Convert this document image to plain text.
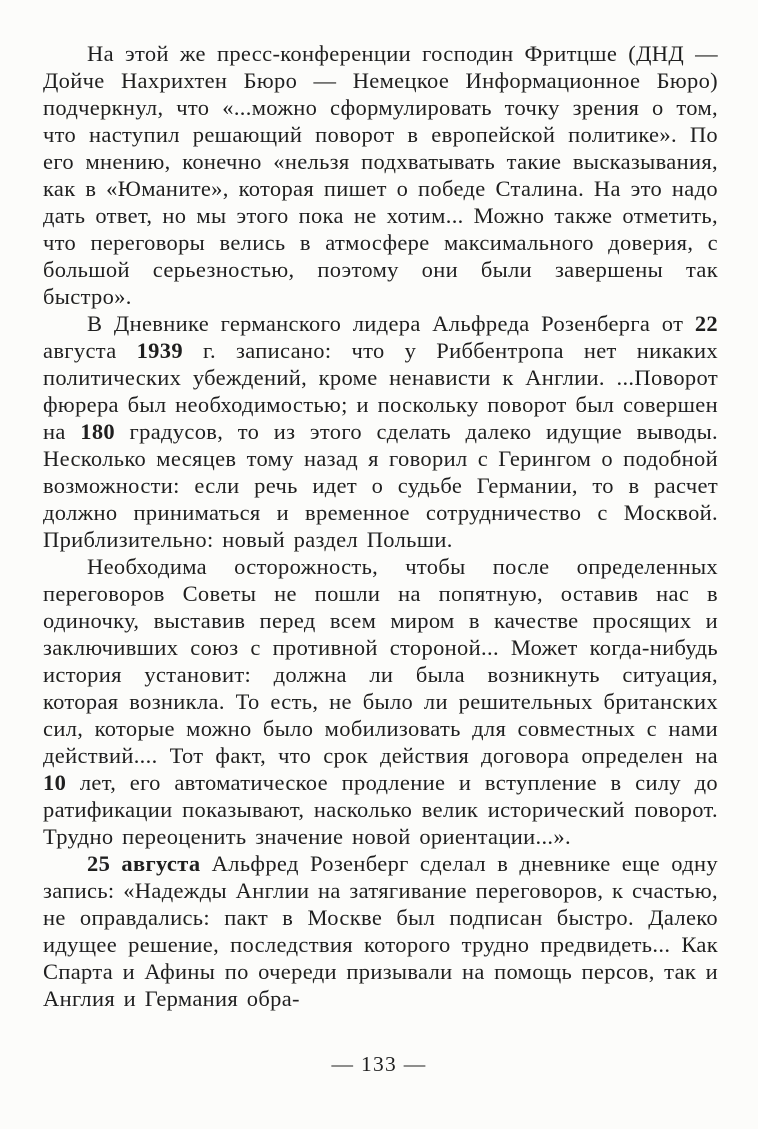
На этой же пресс-конференции господин Фритцше (ДНД — Дойче Нахрихтен Бюро — Немецкое Информационное Бюро) подчеркнул, что «...можно сформулировать точку зрения о том, что наступил решающий поворот в европейской политике». По его мнению, конечно «нельзя подхватывать такие высказывания, как в «Юманите», которая пишет о победе Сталина. На это надо дать ответ, но мы этого пока не хотим... Можно также отметить, что переговоры велись в атмосфере максимального доверия, с большой серьезностью, поэтому они были завершены так быстро».

В Дневнике германского лидера Альфреда Розенберга от 22 августа 1939 г. записано: что у Риббентропа нет никаких политических убеждений, кроме ненависти к Англии. ...Поворот фюрера был необходимостью; и поскольку поворот был совершен на 180 градусов, то из этого сделать далеко идущие выводы. Несколько месяцев тому назад я говорил с Герингом о подобной возможности: если речь идет о судьбе Германии, то в расчет должно приниматься и временное сотрудничество с Москвой. Приблизительно: новый раздел Польши.

Необходима осторожность, чтобы после определенных переговоров Советы не пошли на попятную, оставив нас в одиночку, выставив перед всем миром в качестве просящих и заключивших союз с противной стороной... Может когда-нибудь история установит: должна ли была возникнуть ситуация, которая возникла. То есть, не было ли решительных британских сил, которые можно было мобилизовать для совместных с нами действий.... Тот факт, что срок действия договора определен на 10 лет, его автоматическое продление и вступление в силу до ратификации показывают, насколько велик исторический поворот. Трудно переоценить значение новой ориентации...».

25 августа Альфред Розенберг сделал в дневнике еще одну запись: «Надежды Англии на затягивание переговоров, к счастью, не оправдались: пакт в Москве был подписан быстро. Далеко идущее решение, последствия которого трудно предвидеть... Как Спарта и Афины по очереди призывали на помощь персов, так и Англия и Германия обра-

— 133 —
